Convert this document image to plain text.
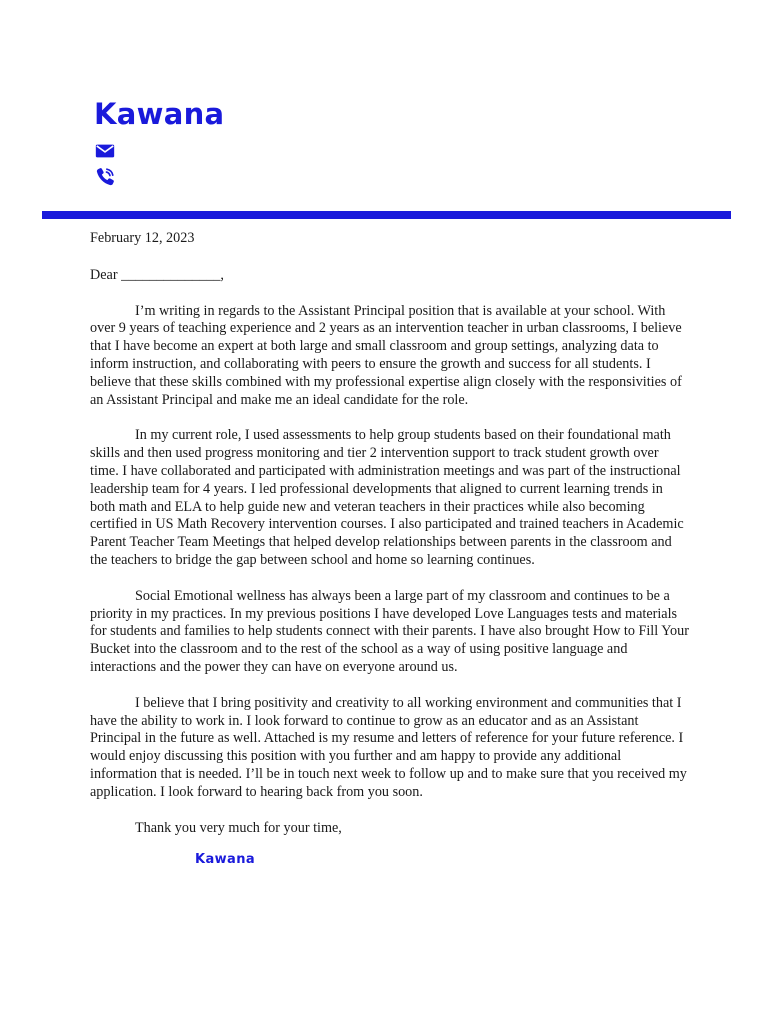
Kawana

February 12, 2023

Dear ______________,

I’m writing in regards to the Assistant Principal position that is available at your school. With over 9 years of teaching experience and 2 years as an intervention teacher in urban classrooms, I believe that I have become an expert at both large and small classroom and group settings, analyzing data to inform instruction, and collaborating with peers to ensure the growth and success for all students. I believe that these skills combined with my professional expertise align closely with the responsivities of an Assistant Principal and make me an ideal candidate for the role.

In my current role, I used assessments to help group students based on their foundational math skills and then used progress monitoring and tier 2 intervention support to track student growth over time. I have collaborated and participated with administration meetings and was part of the instructional leadership team for 4 years. I led professional developments that aligned to current learning trends in both math and ELA to help guide new and veteran teachers in their practices while also becoming certified in US Math Recovery intervention courses. I also participated and trained teachers in Academic Parent Teacher Team Meetings that helped develop relationships between parents in the classroom and the teachers to bridge the gap between school and home so learning continues.

Social Emotional wellness has always been a large part of my classroom and continues to be a priority in my practices. In my previous positions I have developed Love Languages tests and materials for students and families to help students connect with their parents. I have also brought How to Fill Your Bucket into the classroom and to the rest of the school as a way of using positive language and interactions and the power they can have on everyone around us.

I believe that I bring positivity and creativity to all working environment and communities that I have the ability to work in. I look forward to continue to grow as an educator and as an Assistant Principal in the future as well. Attached is my resume and letters of reference for your future reference. I would enjoy discussing this position with you further and am happy to provide any additional information that is needed. I’ll be in touch next week to follow up and to make sure that you received my application. I look forward to hearing back from you soon.

Thank you very much for your time,

Kawana
